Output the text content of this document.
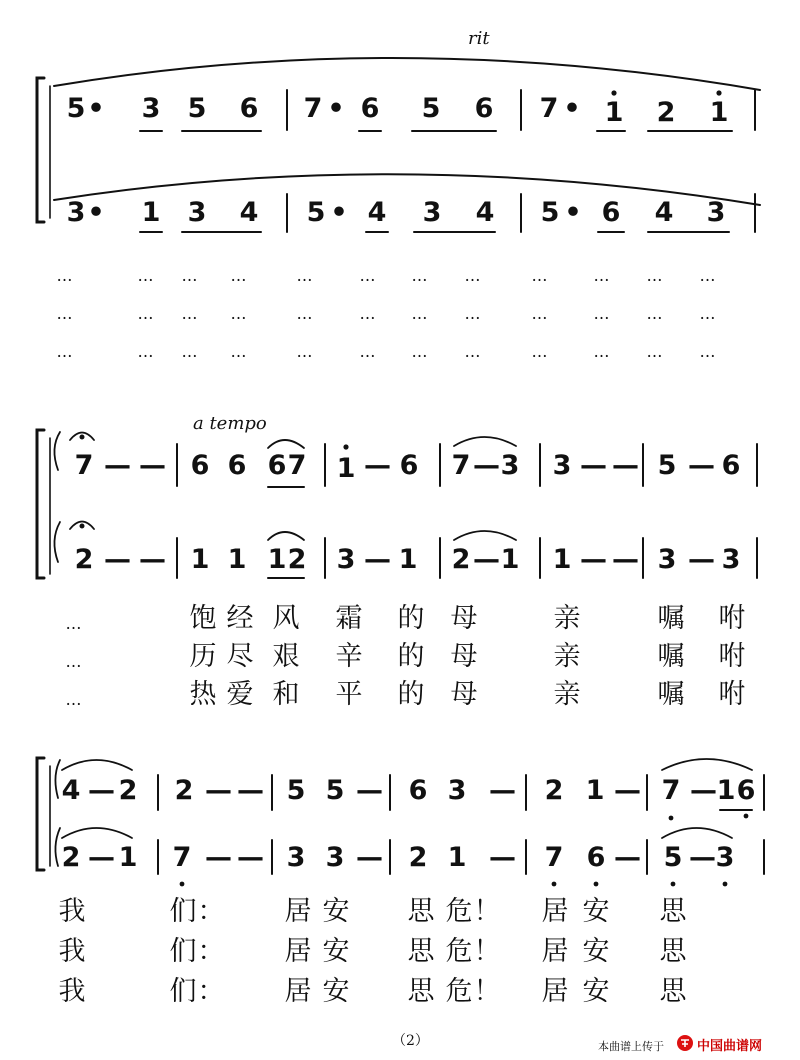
rit
a tempo
5 • 3 5 6 7 • 6 5 6 7 • 1 2 1
3 • 1 3 4 5 • 4 3 4 5 • 6 4 3
…	…	…	…	…	…	…	…	…	…	…	…
…	…	…	…	…	…	…	…	…	…	…	…
…	…	…	…	…	…	…	…	…	…	…	…
7 — — 6 6 6 7 1 — 6 7 — 3 3 — — 5 — 6
2 — — 1 1 1 2 3 — 1 2 — 1 1 — — 3 — 3
…	饱 经 风 霜 的 母	亲	嘱 咐
…	历 尽 艰 辛 的 母	亲	嘱 咐
…	热 爱 和 平 的 母	亲	嘱 咐
4 — 2 2 — — 5 5 — 6 3 — 2 1 — 7 — 1 6
2 — 1 7 — — 3 3 — 2 1 — 7 6 — 5 — 3
我	们 ： 居 安 思 危 ！ 居 安 思
我	们 ： 居 安 思 危 ！ 居 安 思
我	们 ： 居 安 思 危 ！ 居 安 思
（2）	本曲谱上传于	中国曲谱网
